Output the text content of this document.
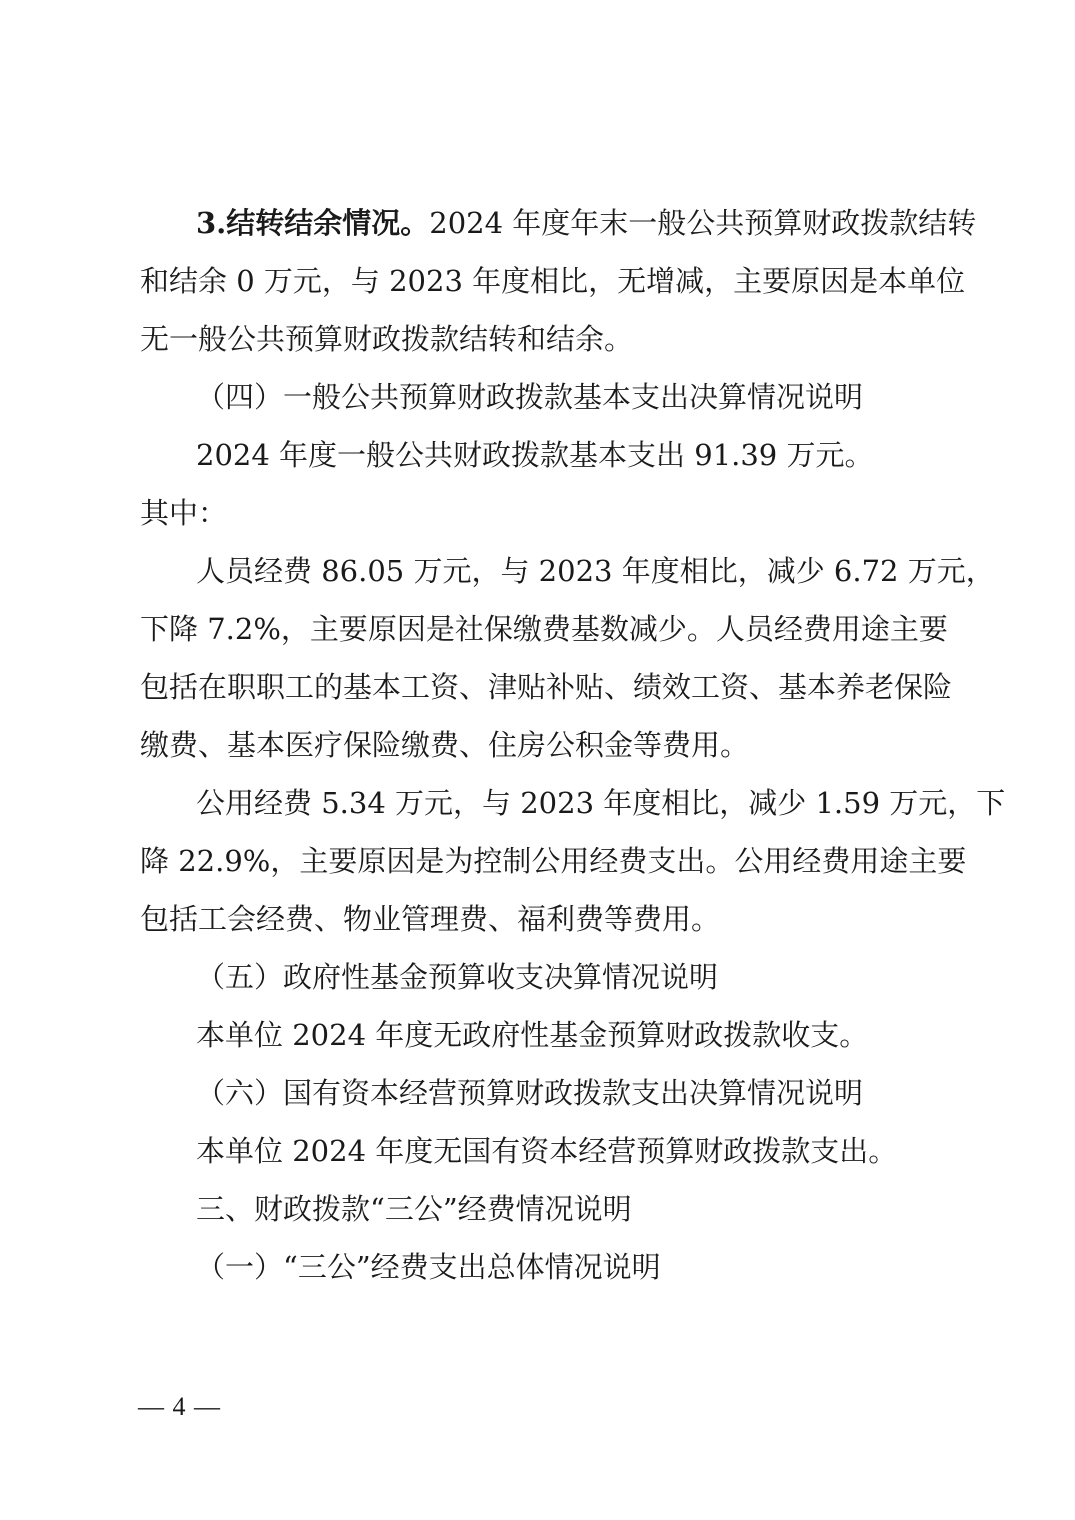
3.结转结余情况。2024 年度年末一般公共预算财政拨款结转
和结余 0 万元，与 2023 年度相比，无增减，主要原因是本单位
无一般公共预算财政拨款结转和结余。
（四）一般公共预算财政拨款基本支出决算情况说明
2024 年度一般公共财政拨款基本支出 91.39 万元。
其中：
人员经费 86.05 万元，与 2023 年度相比，减少 6.72 万元，
下降 7.2%，主要原因是社保缴费基数减少。人员经费用途主要
包括在职职工的基本工资、津贴补贴、绩效工资、基本养老保险
缴费、基本医疗保险缴费、住房公积金等费用。
公用经费 5.34 万元，与 2023 年度相比，减少 1.59 万元，下
降 22.9%，主要原因是为控制公用经费支出。公用经费用途主要
包括工会经费、物业管理费、福利费等费用。
（五）政府性基金预算收支决算情况说明
本单位 2024 年度无政府性基金预算财政拨款收支。
（六）国有资本经营预算财政拨款支出决算情况说明
本单位 2024 年度无国有资本经营预算财政拨款支出。
三、财政拨款“三公”经费情况说明
（一）“三公”经费支出总体情况说明
— 4 —
